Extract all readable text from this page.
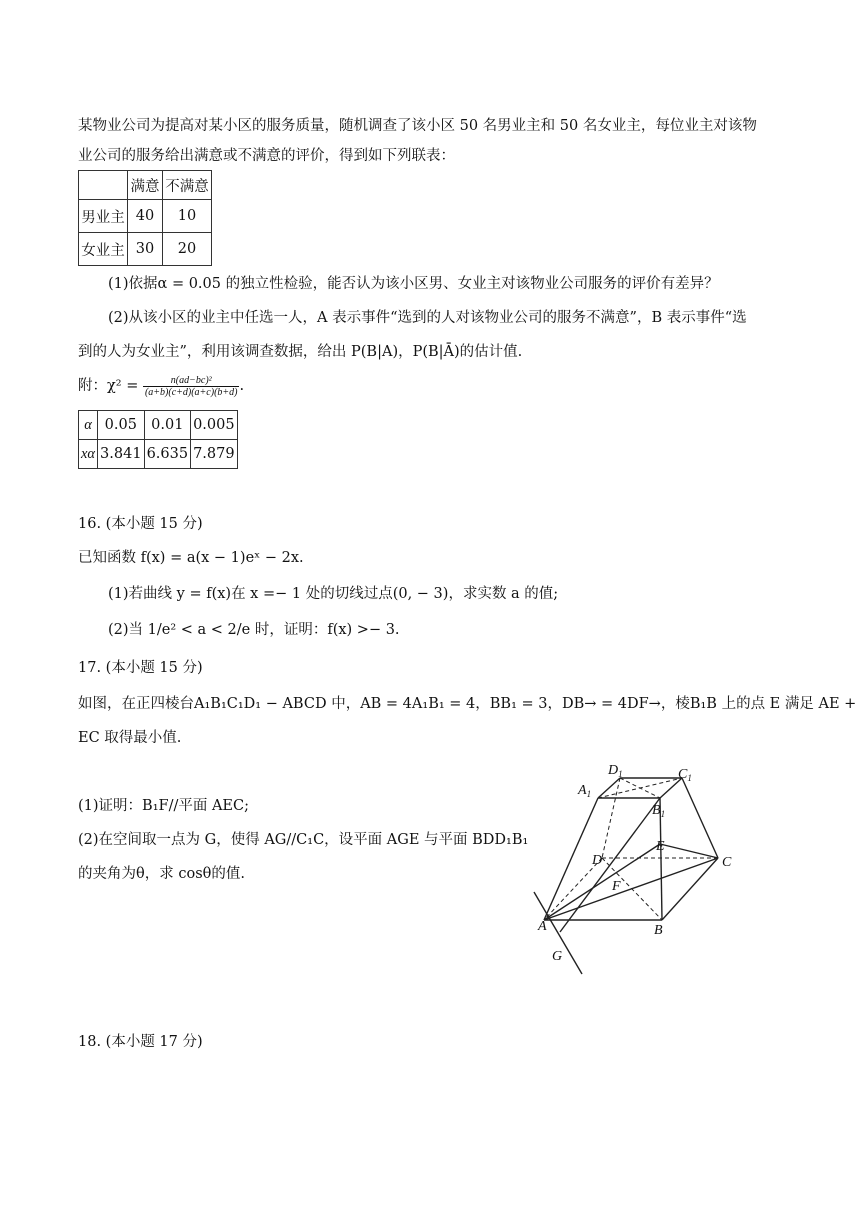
某物业公司为提高对某小区的服务质量，随机调查了该小区 50 名男业主和 50 名女业主，每位业主对该物
业公司的服务给出满意或不满意的评价，得到如下列联表：
	满意	不满意
男业主	40	10
女业主	30	20
(1)依据α = 0.05 的独立性检验，能否认为该小区男、女业主对该物业公司服务的评价有差异？
(2)从该小区的业主中任选一人，A 表示事件“选到的人对该物业公司的服务不满意”，B 表示事件“选
到的人为女业主”，利用该调查数据，给出 P(B|A)，P(B|Ā)的估计值.
附：$\chi^2 = \frac{\text{n(ad−bc)²}}{(a+b)(c+d)(a+c)(b+d)}$ .
α	0.05	0.01	0.005
xα	3.841	6.635	7.879
16. (本小题 15 分)
已知函数 f(x) = a(x − 1)eˣ − 2x.
(1)若曲线 y = f(x)在 x =− 1 处的切线过点(0, − 3)，求实数 a 的值;
(2)当 1/e² < a < 2/e 时，证明：f(x) >− 3.
17. (本小题 15 分)
如图，在正四棱台A₁B₁C₁D₁ − ABCD 中，AB = 4A₁B₁ = 4，BB₁ = 3，DB→ = 4DF→，棱B₁B 上的点 E 满足 AE +
EC 取得最小值.
(1)证明：B₁F//平面 AEC;
(2)在空间取一点为 G，使得 AG//C₁C，设平面 AGE 与平面 BDD₁B₁
的夹角为θ，求 cosθ的值.
$D_1$	$C_1$
$A_1$
$B_1$
D
E
C
F
A	B
G
18. (本小题 17 分)
